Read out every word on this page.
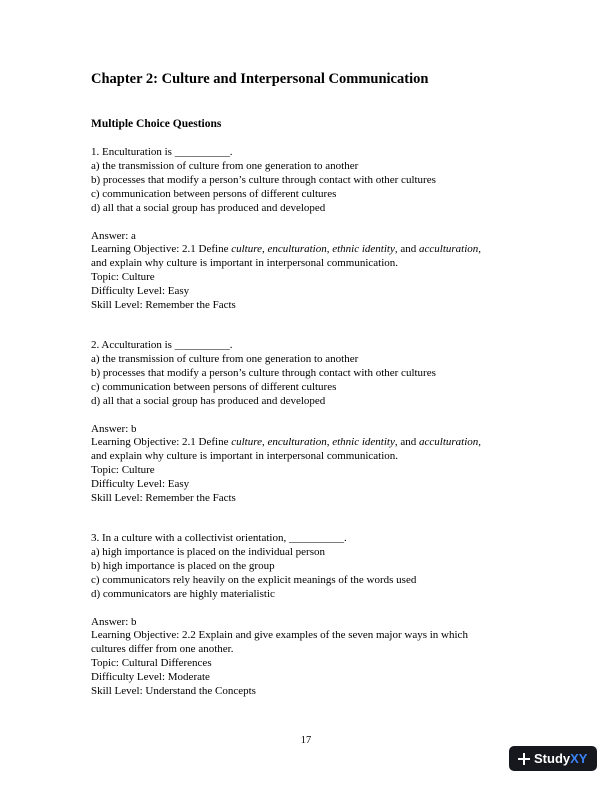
Chapter 2: Culture and Interpersonal Communication
Multiple Choice Questions

1. Enculturation is __________.

a) the transmission of culture from one generation to another

b) processes that modify a person’s culture through contact with other cultures

c) communication between persons of different cultures

d) all that a social group has produced and developed

Answer: a

Learning Objective: 2.1 Define culture, enculturation, ethnic identity, and acculturation,

and explain why culture is important in interpersonal communication.

Topic: Culture

Difficulty Level: Easy

Skill Level: Remember the Facts

2. Acculturation is __________.

a) the transmission of culture from one generation to another

b) processes that modify a person’s culture through contact with other cultures

c) communication between persons of different cultures

d) all that a social group has produced and developed

Answer: b

Learning Objective: 2.1 Define culture, enculturation, ethnic identity, and acculturation,

and explain why culture is important in interpersonal communication.

Topic: Culture

Difficulty Level: Easy

Skill Level: Remember the Facts

3. In a culture with a collectivist orientation, __________.

a) high importance is placed on the individual person

b) high importance is placed on the group

c) communicators rely heavily on the explicit meanings of the words used

d) communicators are highly materialistic

Answer: b

Learning Objective: 2.2 Explain and give examples of the seven major ways in which

cultures differ from one another.

Topic: Cultural Differences

Difficulty Level: Moderate

Skill Level: Understand the Concepts

17
Study XY
